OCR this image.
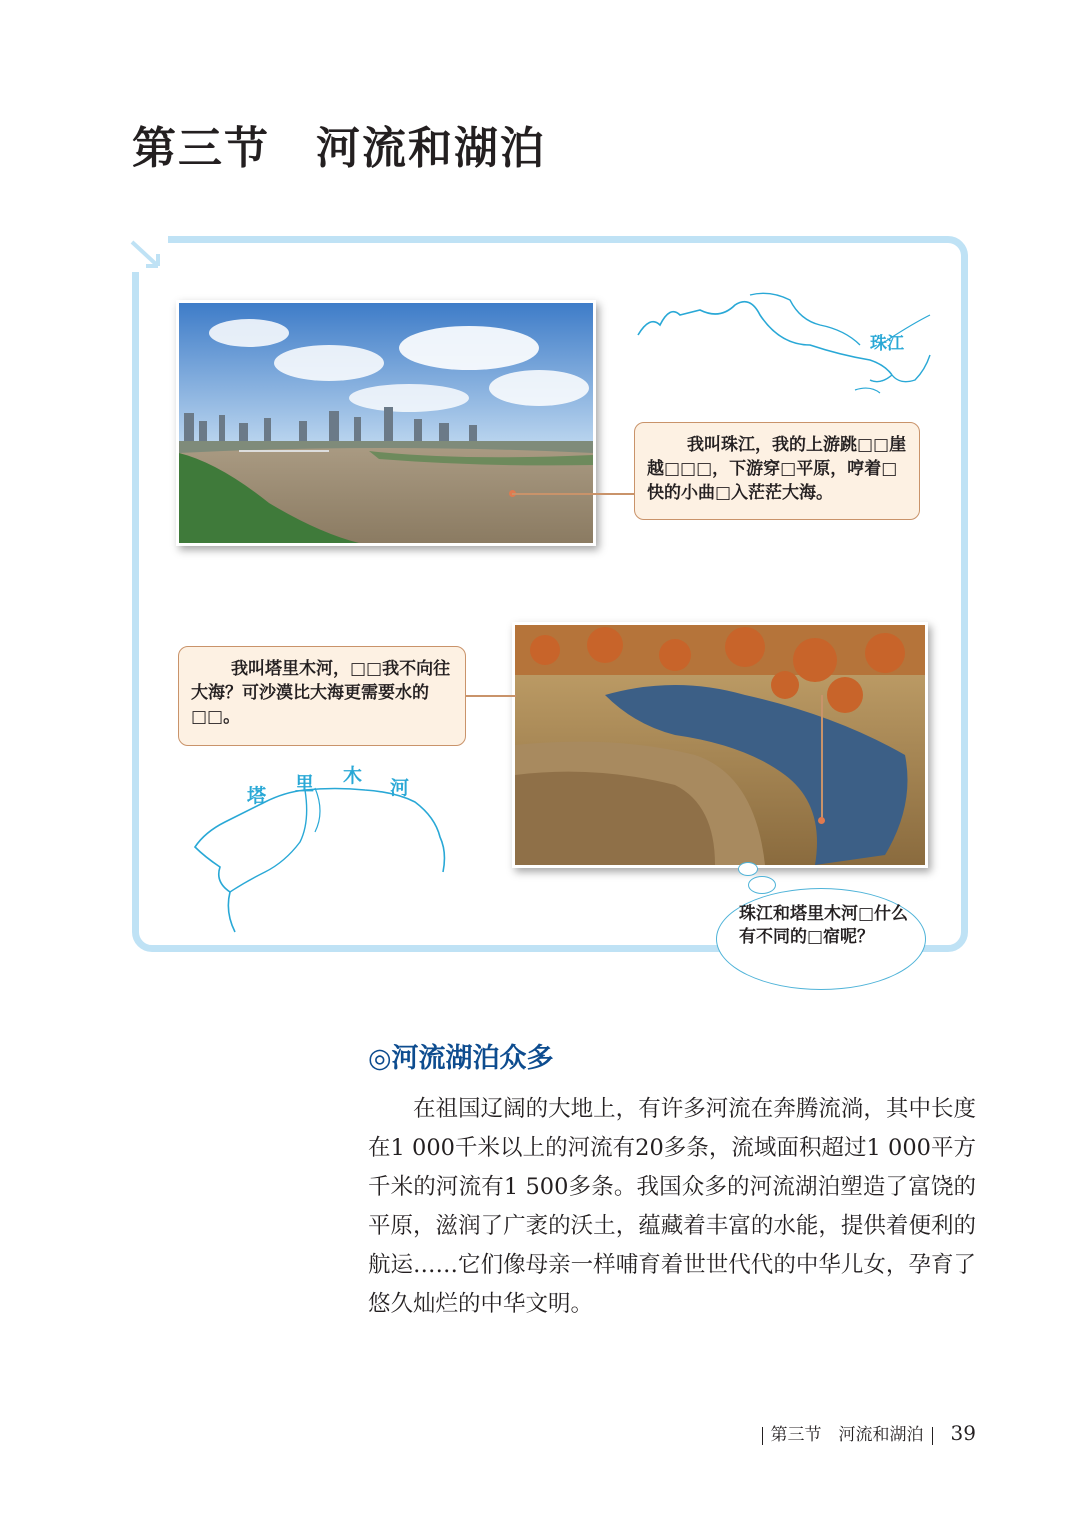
第三节　河流和湖泊
珠江
我叫珠江，我的上游跳□□崖越□□□，下游穿□平原，哼着□快的小曲□入茫茫大海。
我叫塔里木河，□□我不向往大海？可沙漠比大海更需要水的□□。
塔
里 木
河
珠江和塔里木河□什么有不同的□宿呢？
◎河流湖泊众多

在祖国辽阔的大地上，有许多河流在奔腾流淌，其中长度在1 000千米以上的河流有20多条，流域面积超过1 000平方千米的河流有1 500多条。我国众多的河流湖泊塑造了富饶的平原，滋润了广袤的沃土，蕴藏着丰富的水能，提供着便利的航运……它们像母亲一样哺育着世世代代的中华儿女，孕育了悠久灿烂的中华文明。

第三节　河流和湖泊 39
